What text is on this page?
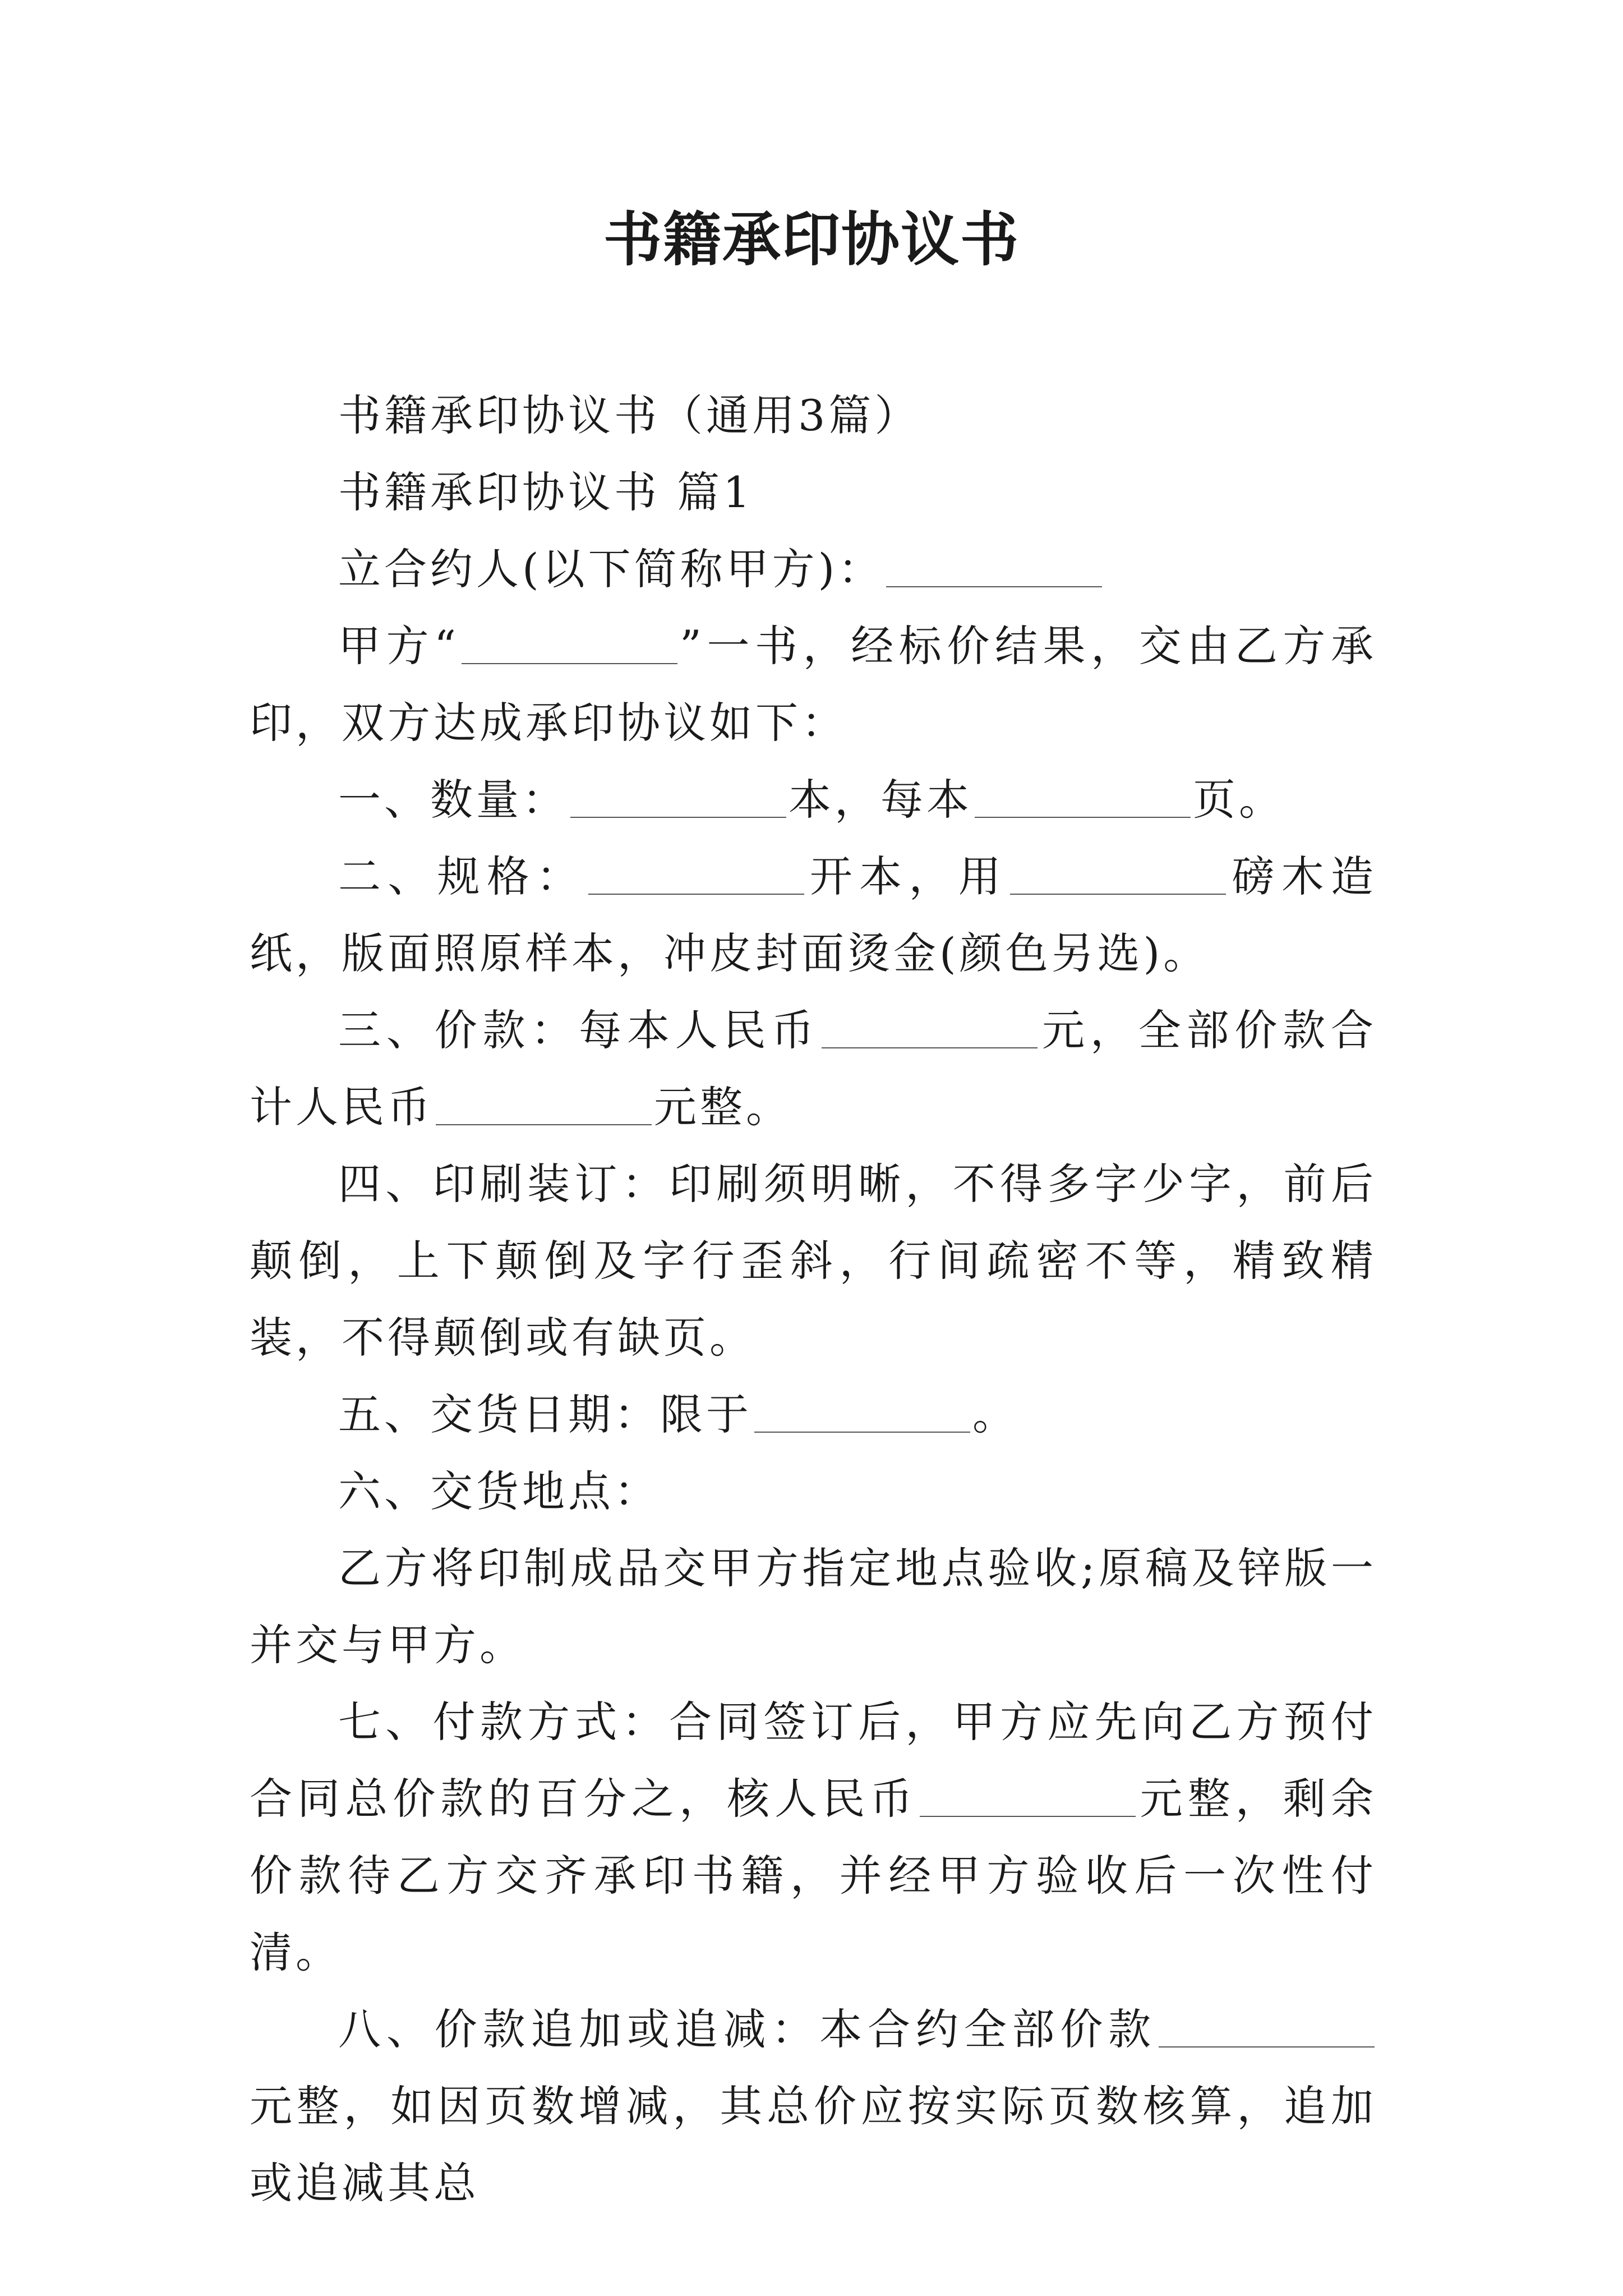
书籍承印协议书

书籍承印协议书（通用3篇）

书籍承印协议书 篇1

立合约人(以下简称甲方)：

甲方“	”一书，经标价结果，交由乙方承印，双方达成承印协议如下：

一、数量：	本，每本	页。

二、规格：	开本，用	磅木造纸，版面照原样本，冲皮封面烫金(颜色另选)。

三、价款：每本人民币	元，全部价款合计人民币	元整。

四、印刷装订：印刷须明晰，不得多字少字，前后颠倒，上下颠倒及字行歪斜，行间疏密不等，精致精装，不得颠倒或有缺页。

五、交货日期：限于	。

六、交货地点：

乙方将印制成品交甲方指定地点验收;原稿及锌版一并交与甲方。

七、付款方式：合同签订后，甲方应先向乙方预付合同总价款的百分之，核人民币	元整，剩余价款待乙方交齐承印书籍，并经甲方验收后一次性付清。

八、价款追加或追减：本合约全部价款元整，如因页数增减，其总价应按实际页数核算，追加或追减其总
